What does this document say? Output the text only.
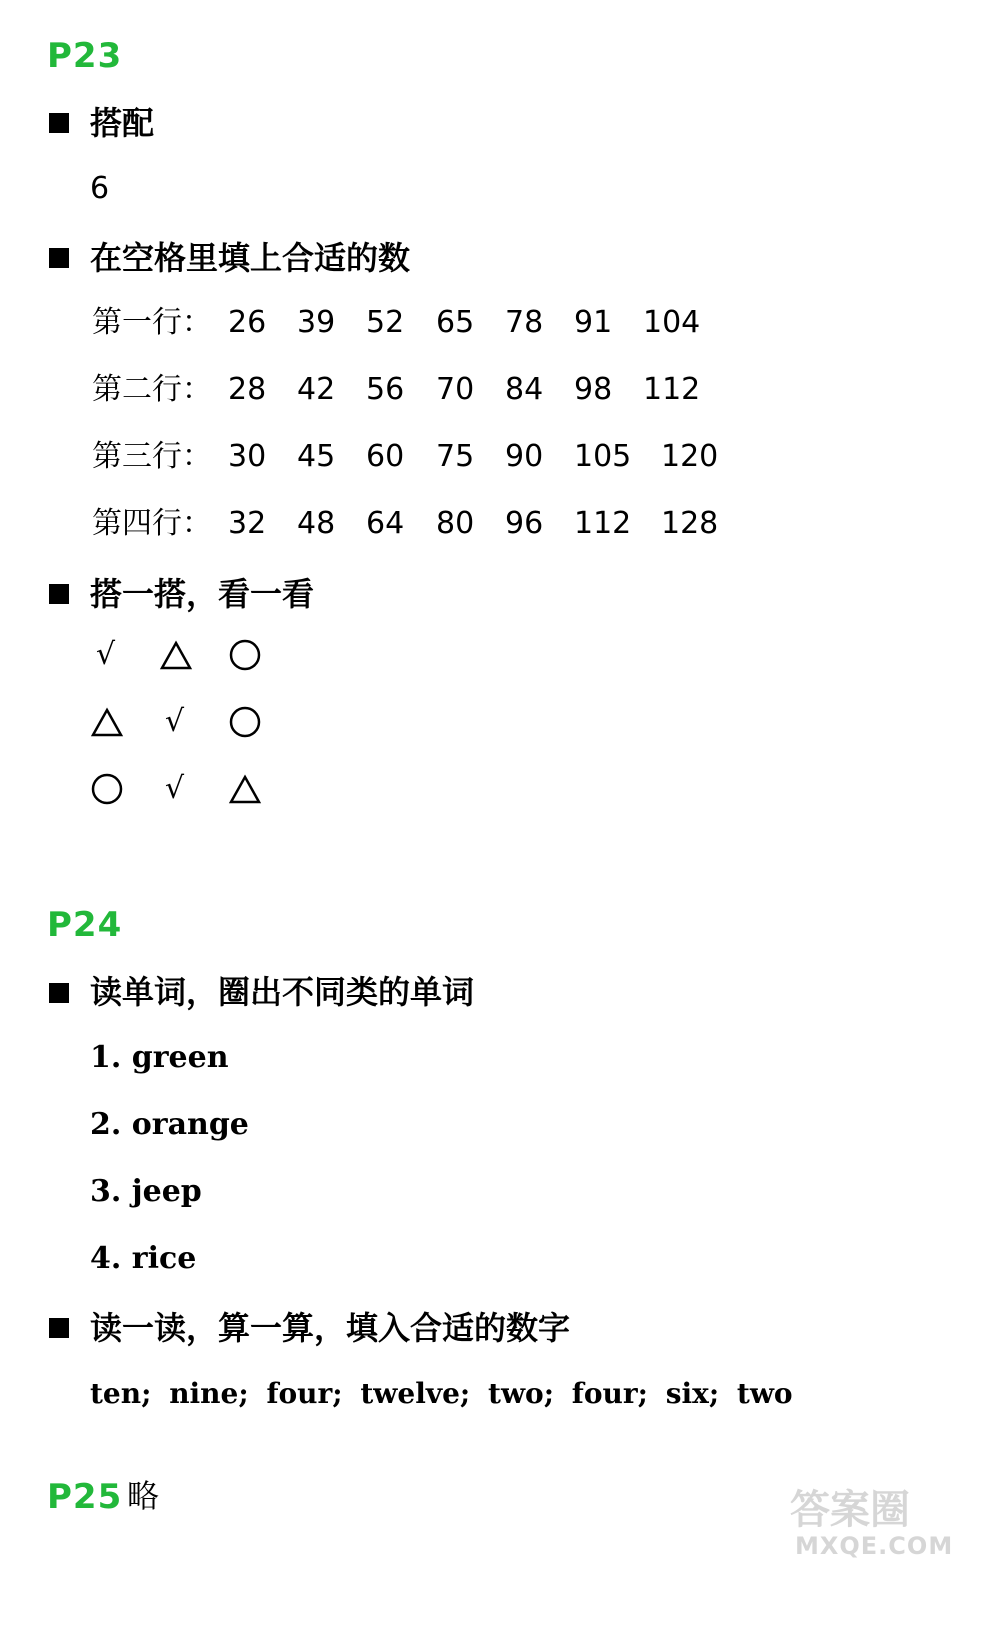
P23
搭配
6
在空格里填上合适的数
第一行： 26 39 52 65 78 91 104
第二行： 28 42 56 70 84 98 112
第三行： 30 45 60 75 90 105 120
第四行： 32 48 64 80 96 112 128
搭一搭，看一看
√
√
√
P24
读单词，圈出不同类的单词
1. green
2. orange
3. jeep
4. rice
读一读，算一算，填入合适的数字
ten; nine; four; twelve; two; four; six; two
P25 略	答案圈
MXQE.COM
